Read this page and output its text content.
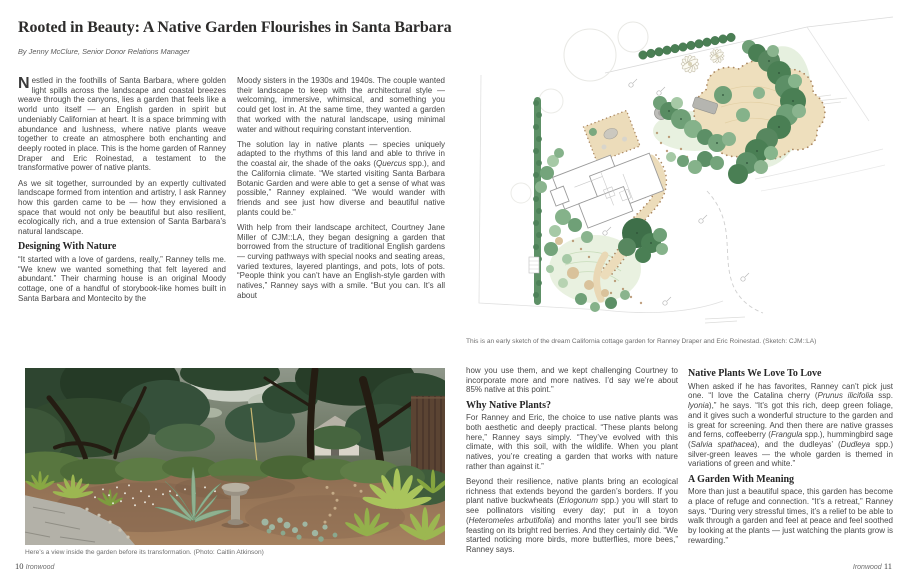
Rooted in Beauty: A Native Garden Flourishes in Santa Barbara
By Jenny McClure, Senior Donor Relations Manager

Nestled in the foothills of Santa Barbara, where golden light spills across the landscape and coastal breezes weave through the canyons, lies a garden that feels like a world unto itself — an English garden in spirit but undeniably Californian at heart. It is a space brimming with abundance and lushness, where native plants weave together to create an atmosphere both enchanting and deeply rooted in place. This is the home garden of Ranney Draper and Eric Roinestad, a testament to the transformative power of native plants.

As we sit together, surrounded by an expertly cultivated landscape formed from intention and artistry, I ask Ranney how this garden came to be — how they envisioned a space that would not only be beautiful but also resilient, ecologically rich, and a true extension of Santa Barbara’s natural landscape.

Designing With Nature

“It started with a love of gardens, really,” Ranney tells me. “We knew we wanted something that felt layered and abundant.” Their charming house is an original Moody cottage, one of a handful of storybook-like homes built in Santa Barbara and Montecito by the

Moody sisters in the 1930s and 1940s. The couple wanted their landscape to keep with the architectural style — welcoming, immersive, whimsical, and something you could get lost in. At the same time, they wanted a garden that worked with the natural landscape, using minimal water and without requiring constant intervention.

The solution lay in native plants — species uniquely adapted to the rhythms of this land and able to thrive in the coastal air, the shade of the oaks (Quercus spp.), and the California climate. “We started visiting Santa Barbara Botanic Garden and were able to get a sense of what was possible,” Ranney explained. “We would wander with friends and see just how diverse and beautiful native plants could be.”

With help from their landscape architect, Courtney Jane Miller of CJM::LA, they began designing a garden that borrowed from the structure of traditional English gardens — curving pathways with special nooks and seating areas, varied textures, layered plantings, and pots, lots of pots. “People think you can’t have an English-style garden with natives,” Ranney says with a smile. “But you can. It’s all about

This is an early sketch of the dream California cottage garden for Ranney Draper and Eric Roinestad. (Sketch: CJM::LA)
Here’s a view inside the garden before its transformation. (Photo: Caitlin Atkinson)

how you use them, and we kept challenging Courtney to incorporate more and more natives. I’d say we’re about 85% native at this point.”

Why Native Plants?

For Ranney and Eric, the choice to use native plants was both aesthetic and deeply practical. “These plants belong here,” Ranney says simply. “They’ve evolved with this climate, with this soil, with the wildlife. When you plant natives, you’re creating a garden that works with nature rather than against it.”

Beyond their resilience, native plants bring an ecological richness that extends beyond the garden’s borders. If you plant native buckwheats (Eriogonum spp.) you will start to see pollinators visiting every day; put in a toyon (Heteromeles arbutifolia) and months later you’ll see birds feasting on its bright red berries. And they certainly did. “We started noticing more birds, more butterflies, more bees,” Ranney says.

Native Plants We Love To Love

When asked if he has favorites, Ranney can’t pick just one. “I love the Catalina cherry (Prunus ilicifolia ssp. lyonia),” he says. “It’s got this rich, deep green foliage, and it gives such a wonderful structure to the garden and is great for screening. And then there are native grasses and ferns, coffeeberry (Frangula spp.), hummingbird sage (Salvia spathacea), and the dudleyas’ (Dudleya spp.) silver-green leaves — the whole garden is themed in variations of green and white.”

A Garden With Meaning

More than just a beautiful space, this garden has become a place of refuge and connection. “It’s a retreat,” Ranney says. “During very stressful times, it’s a relief to be able to walk through a garden and feel at peace and feel soothed by looking at the plants — just watching the plants grow is rewarding.”

10 Ironwood	Ironwood 11
